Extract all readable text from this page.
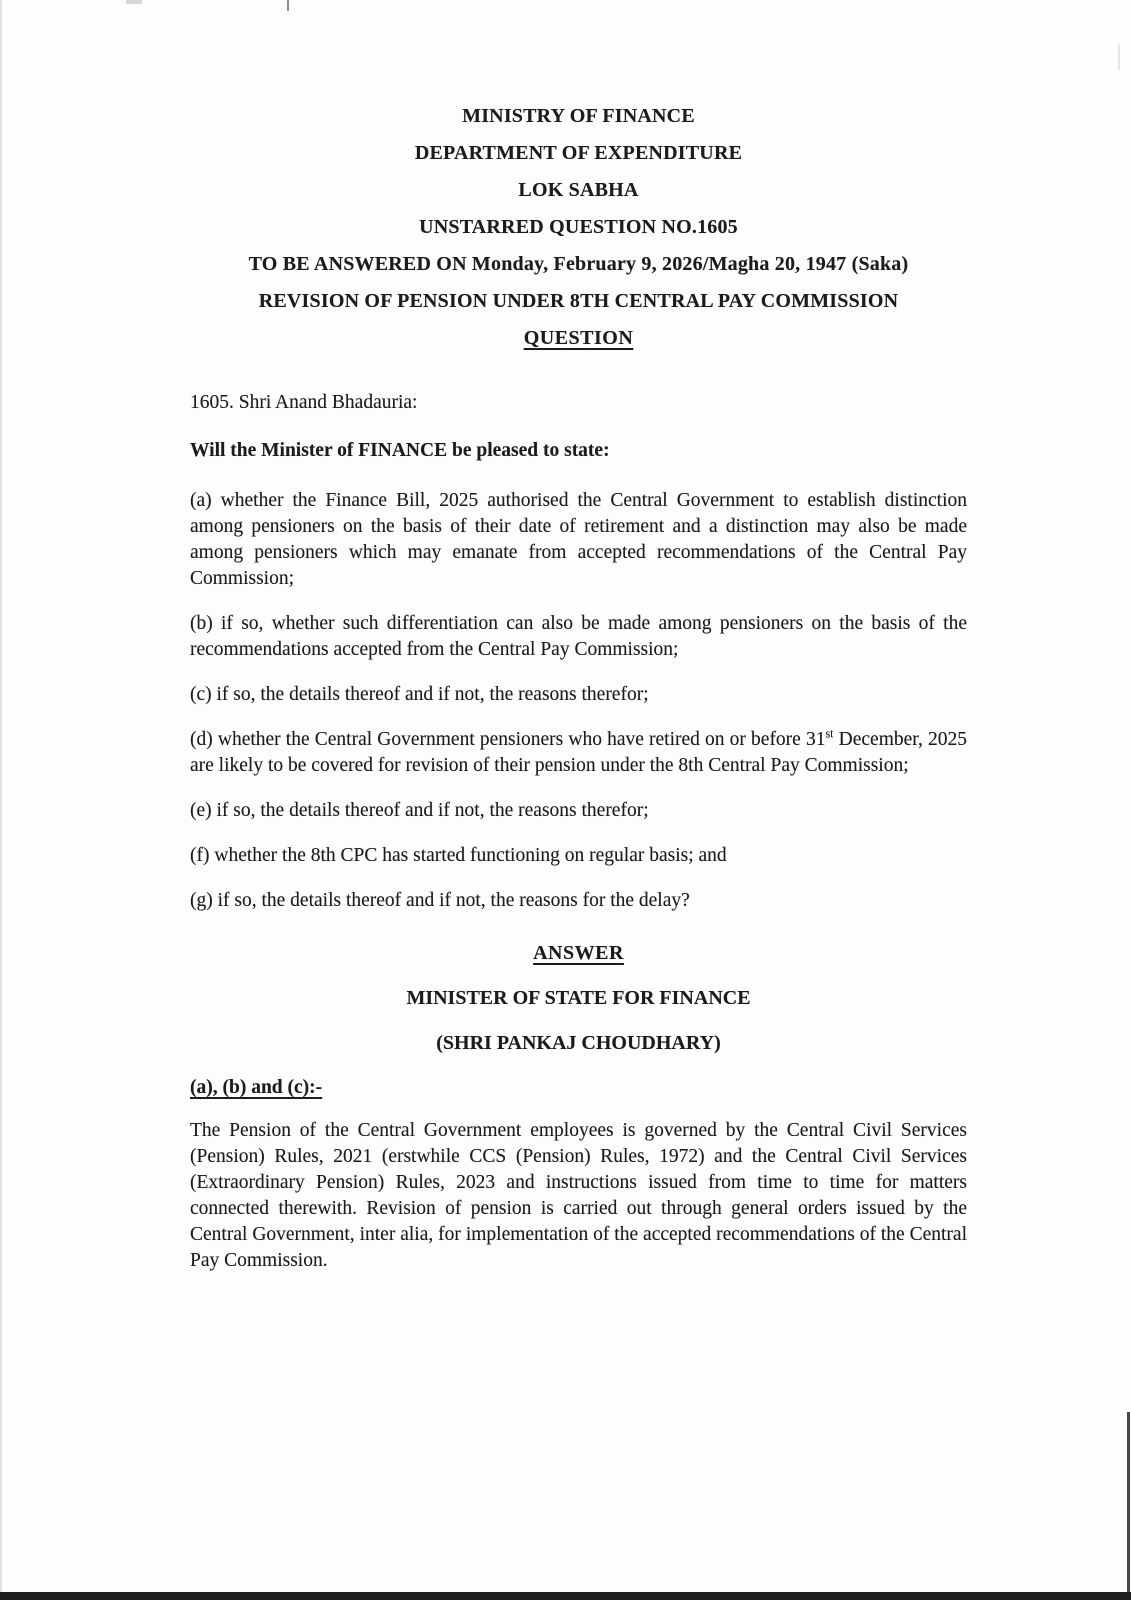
MINISTRY OF FINANCE

DEPARTMENT OF EXPENDITURE

LOK SABHA

UNSTARRED QUESTION NO.1605

TO BE ANSWERED ON Monday, February 9, 2026/Magha 20, 1947 (Saka)

REVISION OF PENSION UNDER 8TH CENTRAL PAY COMMISSION

QUESTION

1605. Shri Anand Bhadauria:

Will the Minister of FINANCE be pleased to state:

(a) whether the Finance Bill, 2025 authorised the Central Government to establish distinction among pensioners on the basis of their date of retirement and a distinction may also be made among pensioners which may emanate from accepted recommendations of the Central Pay Commission;

(b) if so, whether such differentiation can also be made among pensioners on the basis of the recommendations accepted from the Central Pay Commission;

(c) if so, the details thereof and if not, the reasons therefor;

(d) whether the Central Government pensioners who have retired on or before 31st December, 2025 are likely to be covered for revision of their pension under the 8th Central Pay Commission;

(e) if so, the details thereof and if not, the reasons therefor;

(f) whether the 8th CPC has started functioning on regular basis; and

(g) if so, the details thereof and if not, the reasons for the delay?

ANSWER

MINISTER OF STATE FOR FINANCE

(SHRI PANKAJ CHOUDHARY)

(a), (b) and (c):-

The Pension of the Central Government employees is governed by the Central Civil Services (Pension) Rules, 2021 (erstwhile CCS (Pension) Rules, 1972) and the Central Civil Services (Extraordinary Pension) Rules, 2023 and instructions issued from time to time for matters connected therewith. Revision of pension is carried out through general orders issued by the Central Government, inter alia, for implementation of the accepted recommendations of the Central Pay Commission.
